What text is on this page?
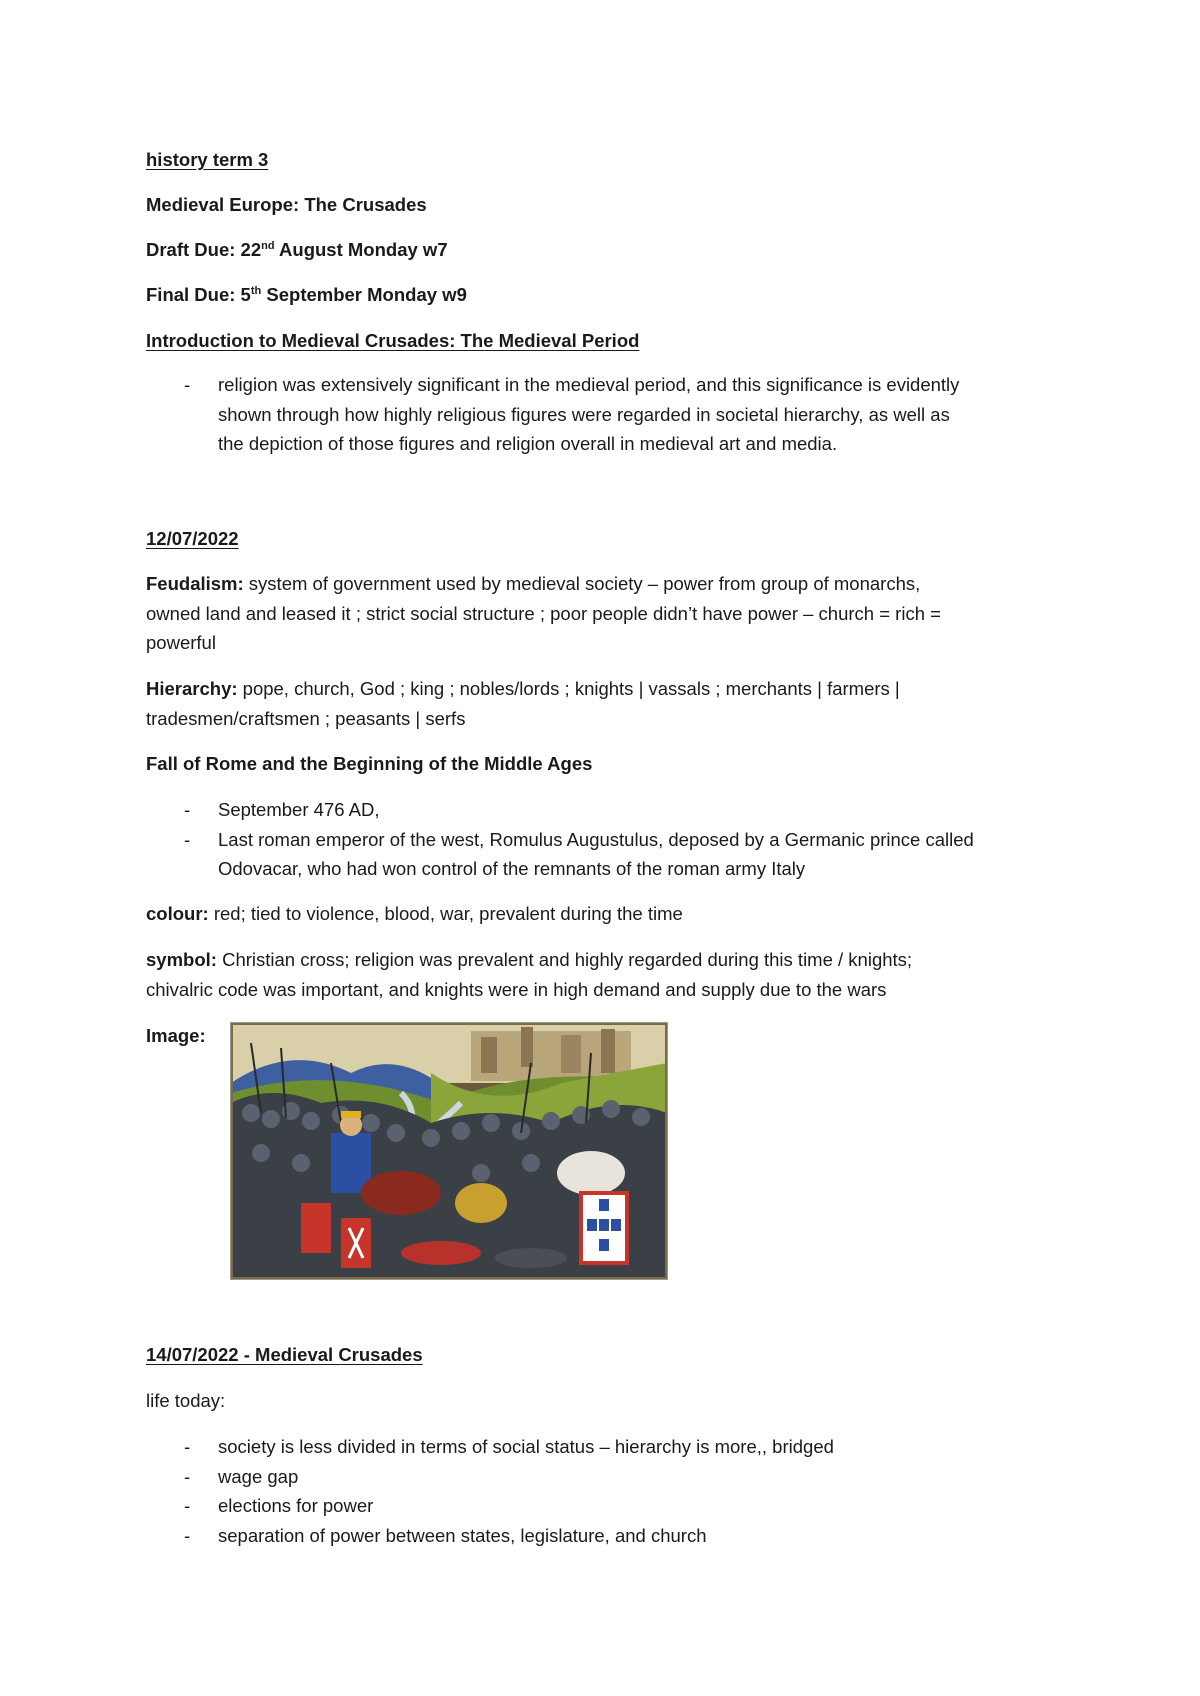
history term 3
Medieval Europe: The Crusades
Draft Due: 22nd August Monday w7
Final Due: 5th September Monday w9
Introduction to Medieval Crusades: The Medieval Period
- religion was extensively significant in the medieval period, and this significance is evidently
shown through how highly religious figures were regarded in societal hierarchy, as well as
the depiction of those figures and religion overall in medieval art and media.
12/07/2022
Feudalism: system of government used by medieval society – power from group of monarchs,
owned land and leased it ; strict social structure ; poor people didn’t have power – church = rich =
powerful
Hierarchy: pope, church, God ; king ; nobles/lords ; knights | vassals ; merchants | farmers |
tradesmen/craftsmen ; peasants | serfs
Fall of Rome and the Beginning of the Middle Ages
- September 476 AD,
- Last roman emperor of the west, Romulus Augustulus, deposed by a Germanic prince called
Odovacar, who had won control of the remnants of the roman army Italy
colour: red; tied to violence, blood, war, prevalent during the time
symbol: Christian cross; religion was prevalent and highly regarded during this time / knights;
chivalric code was important, and knights were in high demand and supply due to the wars
Image:
14/07/2022 - Medieval Crusades
life today:
- society is less divided in terms of social status – hierarchy is more,, bridged
- wage gap
- elections for power
- separation of power between states, legislature, and church
